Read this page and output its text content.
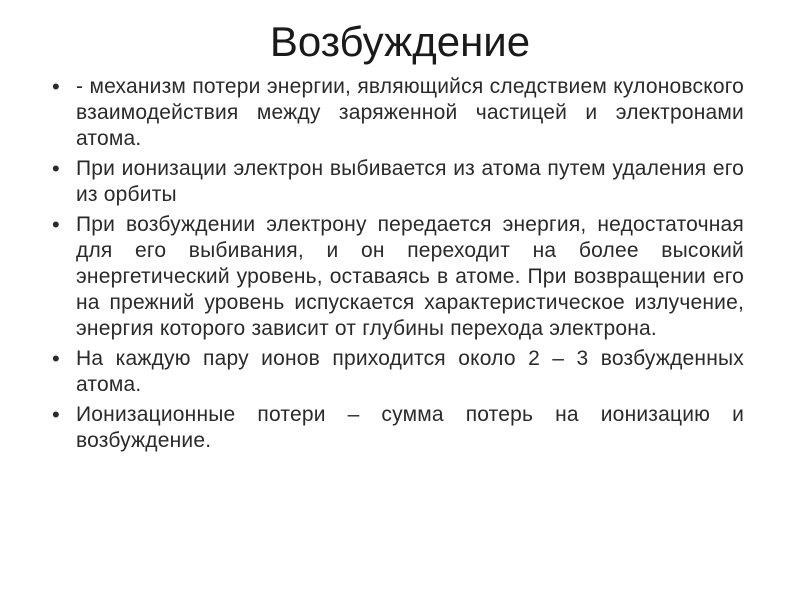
Возбуждение
• - механизм потери энергии, являющийся следствием кулоновского взаимодействия между заряженной частицей и электронами атома.
• При ионизации электрон выбивается из атома путем удаления его из орбиты
• При возбуждении электрону передается энергия, недостаточная для его выбивания, и он переходит на более высокий энергетический уровень, оставаясь в атоме. При возвращении его на прежний уровень испускается характеристическое излучение, энергия которого зависит от глубины перехода электрона.
• На каждую пару ионов приходится около 2 – 3 возбужденных атома.
• Ионизационные потери – сумма потерь на ионизацию и возбуждение.
